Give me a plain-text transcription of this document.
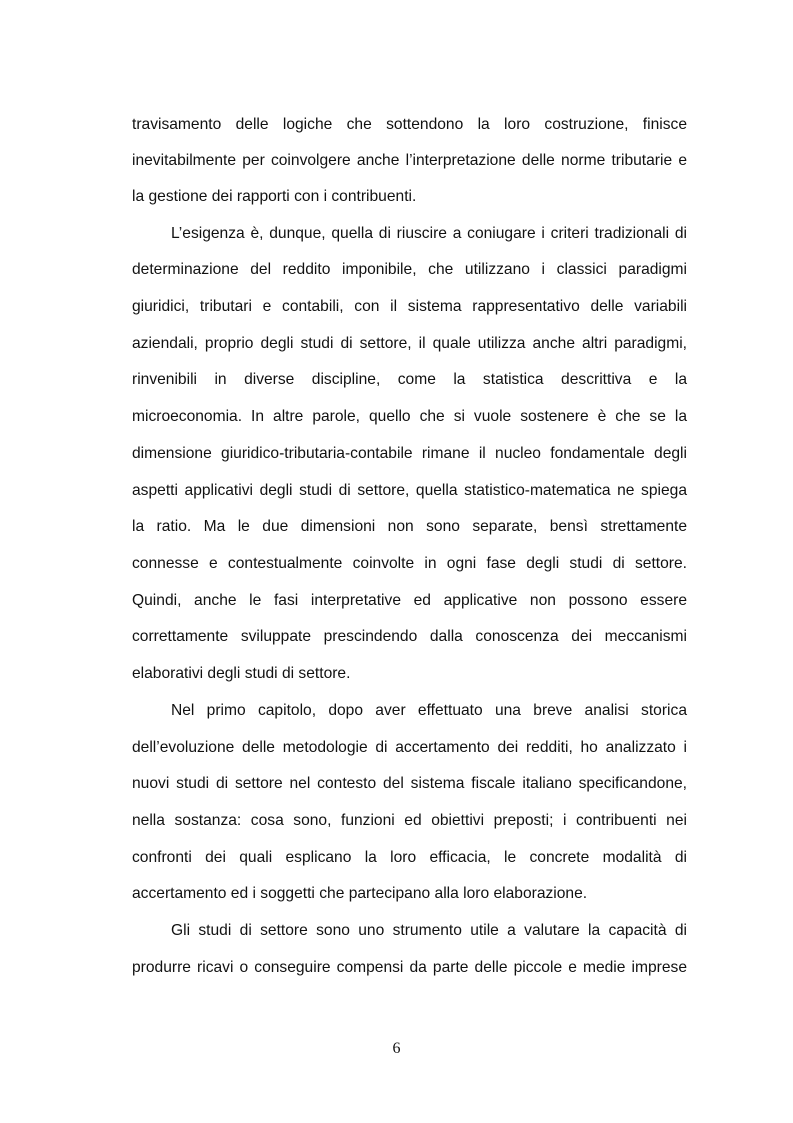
travisamento delle logiche che sottendono la loro costruzione, finisce

inevitabilmente per coinvolgere anche l’interpretazione delle norme tributarie e

la gestione dei rapporti con i contribuenti.

L’esigenza è, dunque, quella di riuscire a coniugare i criteri tradizionali di

determinazione del reddito imponibile, che utilizzano i classici paradigmi

giuridici, tributari e contabili, con il sistema rappresentativo delle variabili

aziendali, proprio degli studi di settore, il quale utilizza anche altri paradigmi,

rinvenibili in diverse discipline, come la statistica descrittiva e la

microeconomia. In altre parole, quello che si vuole sostenere è che se la

dimensione giuridico-tributaria-contabile rimane il nucleo fondamentale degli

aspetti applicativi degli studi di settore, quella statistico-matematica ne spiega

la ratio. Ma le due dimensioni non sono separate, bensì strettamente

connesse e contestualmente coinvolte in ogni fase degli studi di settore.

Quindi, anche le fasi interpretative ed applicative non possono essere

correttamente sviluppate prescindendo dalla conoscenza dei meccanismi

elaborativi degli studi di settore.

Nel primo capitolo, dopo aver effettuato una breve analisi storica

dell’evoluzione delle metodologie di accertamento dei redditi, ho analizzato i

nuovi studi di settore nel contesto del sistema fiscale italiano specificandone,

nella sostanza: cosa sono, funzioni ed obiettivi preposti; i contribuenti nei

confronti dei quali esplicano la loro efficacia, le concrete modalità di

accertamento ed i soggetti che partecipano alla loro elaborazione.

Gli studi di settore sono uno strumento utile a valutare la capacità di

produrre ricavi o conseguire compensi da parte delle piccole e medie imprese

6
